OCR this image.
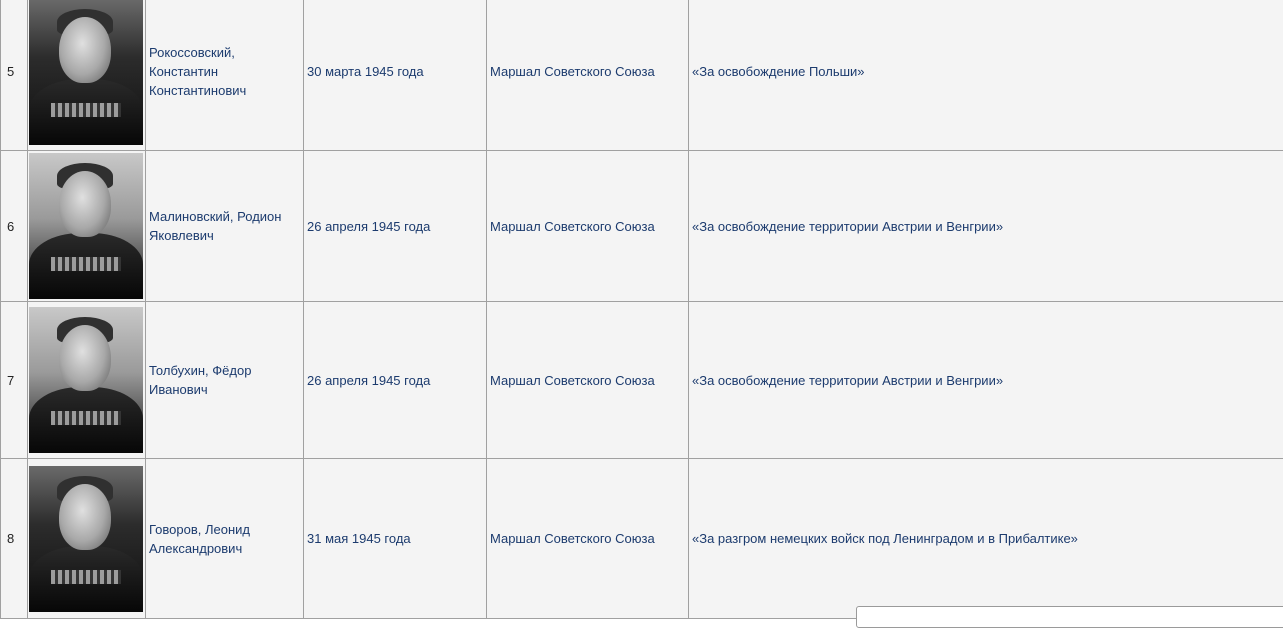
5		Рокоссовский, Константин Константинович	30 марта 1945 года	Маршал Советского Союза	«За освобождение Польши»
6		Малиновский, Родион Яковлевич	26 апреля 1945 года	Маршал Советского Союза	«За освобождение территории Австрии и Венгрии»
7		Толбухин, Фёдор Иванович	26 апреля 1945 года	Маршал Советского Союза	«За освобождение территории Австрии и Венгрии»
8		Говоров, Леонид Александрович	31 мая 1945 года	Маршал Советского Союза	«За разгром немецких войск под Ленинградом и в Прибалтике»
